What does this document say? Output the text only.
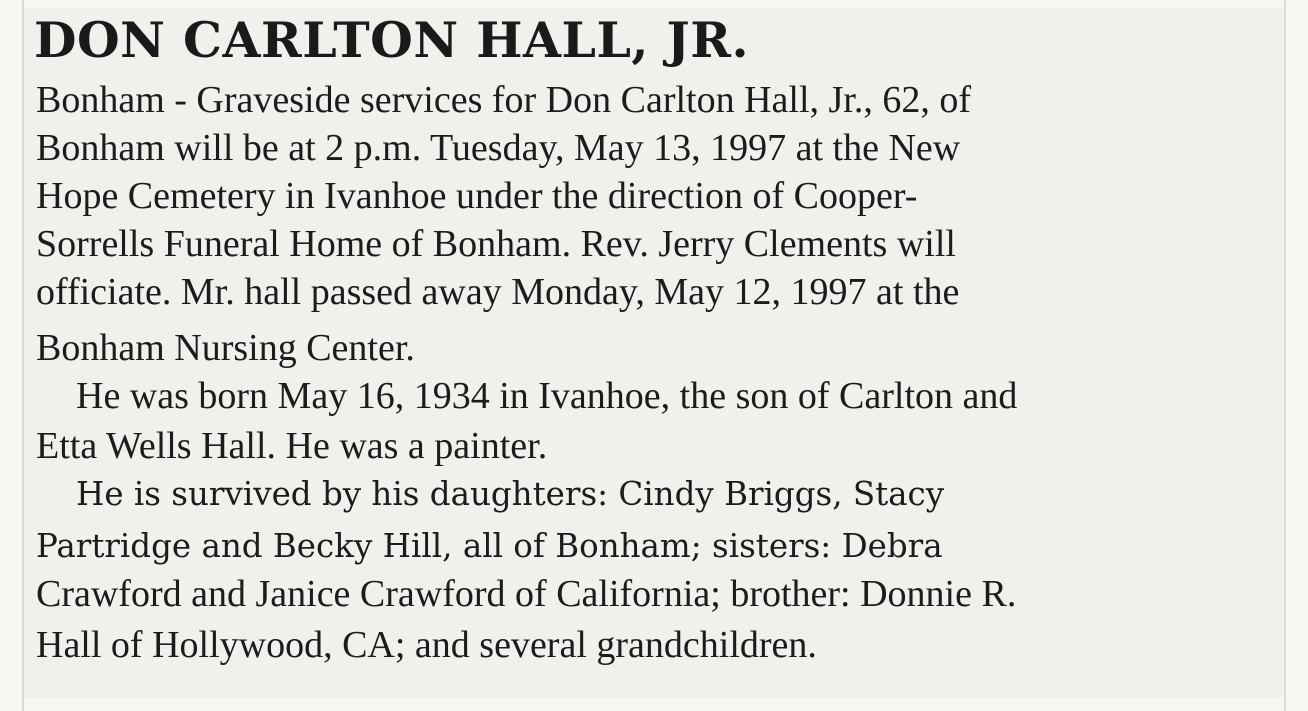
DON CARLTON HALL, JR.

Bonham - Graveside services for Don Carlton Hall, Jr., 62, of

Bonham will be at 2 p.m. Tuesday, May 13, 1997 at the New

Hope Cemetery in Ivanhoe under the direction of Cooper-

Sorrells Funeral Home of Bonham. Rev. Jerry Clements will

officiate. Mr. hall passed away Monday, May 12, 1997 at the

Bonham Nursing Center.

He was born May 16, 1934 in Ivanhoe, the son of Carlton and

Etta Wells Hall. He was a painter.

He is survived by his daughters: Cindy Briggs, Stacy

Partridge and Becky Hill, all of Bonham; sisters: Debra

Crawford and Janice Crawford of California; brother: Donnie R.

Hall of Hollywood, CA; and several grandchildren.
